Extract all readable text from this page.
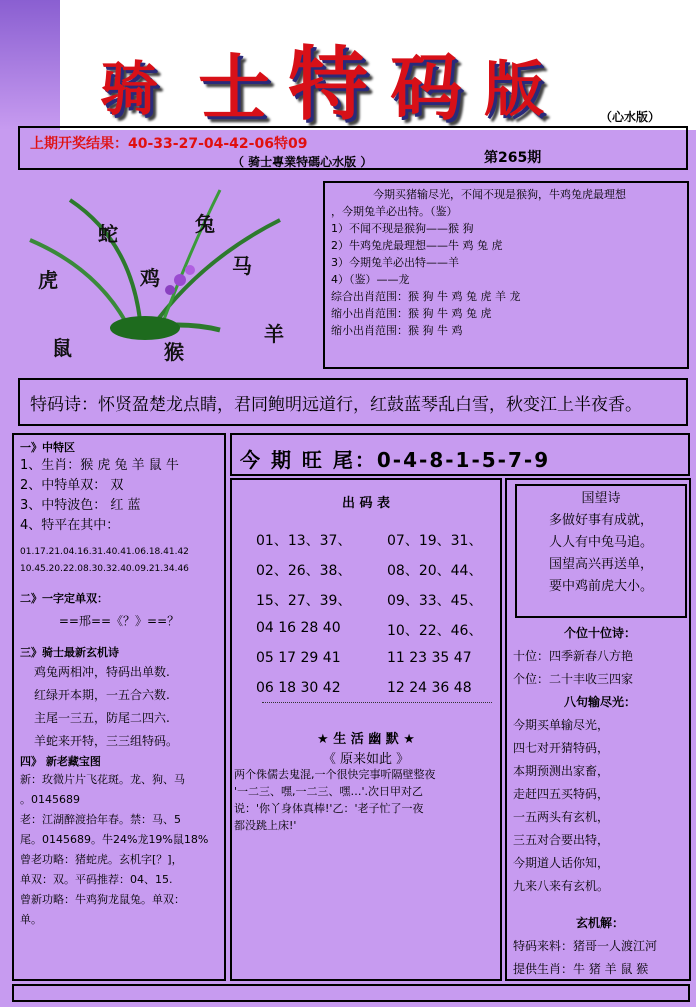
骑 士 特 码 版	（心水版）
上期开奖结果：40-33-27-04-42-06特09
（ 骑士專業特碼心水版 ）	第265期
蛇	兔
马
虎	鸡
鼠	猴
羊

今期买猪输尽光，不闻不现是猴狗，牛鸡兔虎最理想

，今期兔羊必出特。（鉴）

1）不闻不现是猴狗——猴 狗

2）牛鸡兔虎最理想——牛 鸡 兔 虎

3）今期兔羊必出特——羊

4）（鉴）——龙

综合出肖范围：猴 狗 牛 鸡 兔 虎 羊 龙

缩小出肖范围：猴 狗 牛 鸡 兔 虎

缩小出肖范围：猴 狗 牛 鸡

特码诗：怀贤盈楚龙点睛，君同鲍明远道行，红鼓蓝琴乱白雪，秋变江上半夜香。

一》中特区

1、生肖：猴 虎 兔 羊 鼠 牛

2、中特单双： 双

3、中特波色： 红 蓝

4、特平在其中：

01.17.21.04.16.31.40.41.06.18.41.42

10.45.20.22.08.30.32.40.09.21.34.46

二》一字定单双：

==邢==《？》==？

三》骑士最新玄机诗

鸡兔两相冲，特码出单数.

红绿开本期，一五合六数.

主尾一三五，防尾二四六.

羊蛇来开特，三三组特码。

四》 新老藏宝图

新：玫微片片飞花斑。龙、狗、马

。0145689

老：江湖醉渡拾年春。禁：马、5

尾。0145689。牛24%龙19%鼠18%

曾老功略：猪蛇虎。玄机字[？]，

单双：双。平码推荐：04、15.

曾新功略：牛鸡狗龙鼠兔。单双：

单。

今 期 旺 尾：0-4-8-1-5-7-9
出 码 表
01、13、37、	07、19、31、
02、26、38、	08、20、44、
15、27、39、	09、33、45、
04 16 28 40	10、22、46、
05 17 29 41	11 23 35 47
06 18 30 42	12 24 36 48
★ 生 活 幽 默 ★
《 原来如此 》

两个侏儒去鬼混,一个很快完事听隔壁整夜

'一二三、嘿,一二三、嘿…'.次日甲对乙

说：'你丫身体真棒!'乙：'老子忙了一夜

都没跳上床!'

国望诗

多做好事有成就，

人人有中兔马追。

国望高兴再送单，

要中鸡前虎大小。

个位十位诗：

十位：四季新春八方艳

个位：二十丰收三四家

八句输尽光：

今期买单输尽光，

四七对开猜特码，

本期预测出家畜，

走赶四五买特码，

一五两头有玄机，

三五对合要出特，

今期道人话你知，

九来八来有玄机。

玄机解：

特码来料：猪哥一人渡江河

提供生肖：牛 猪 羊 鼠 猴
